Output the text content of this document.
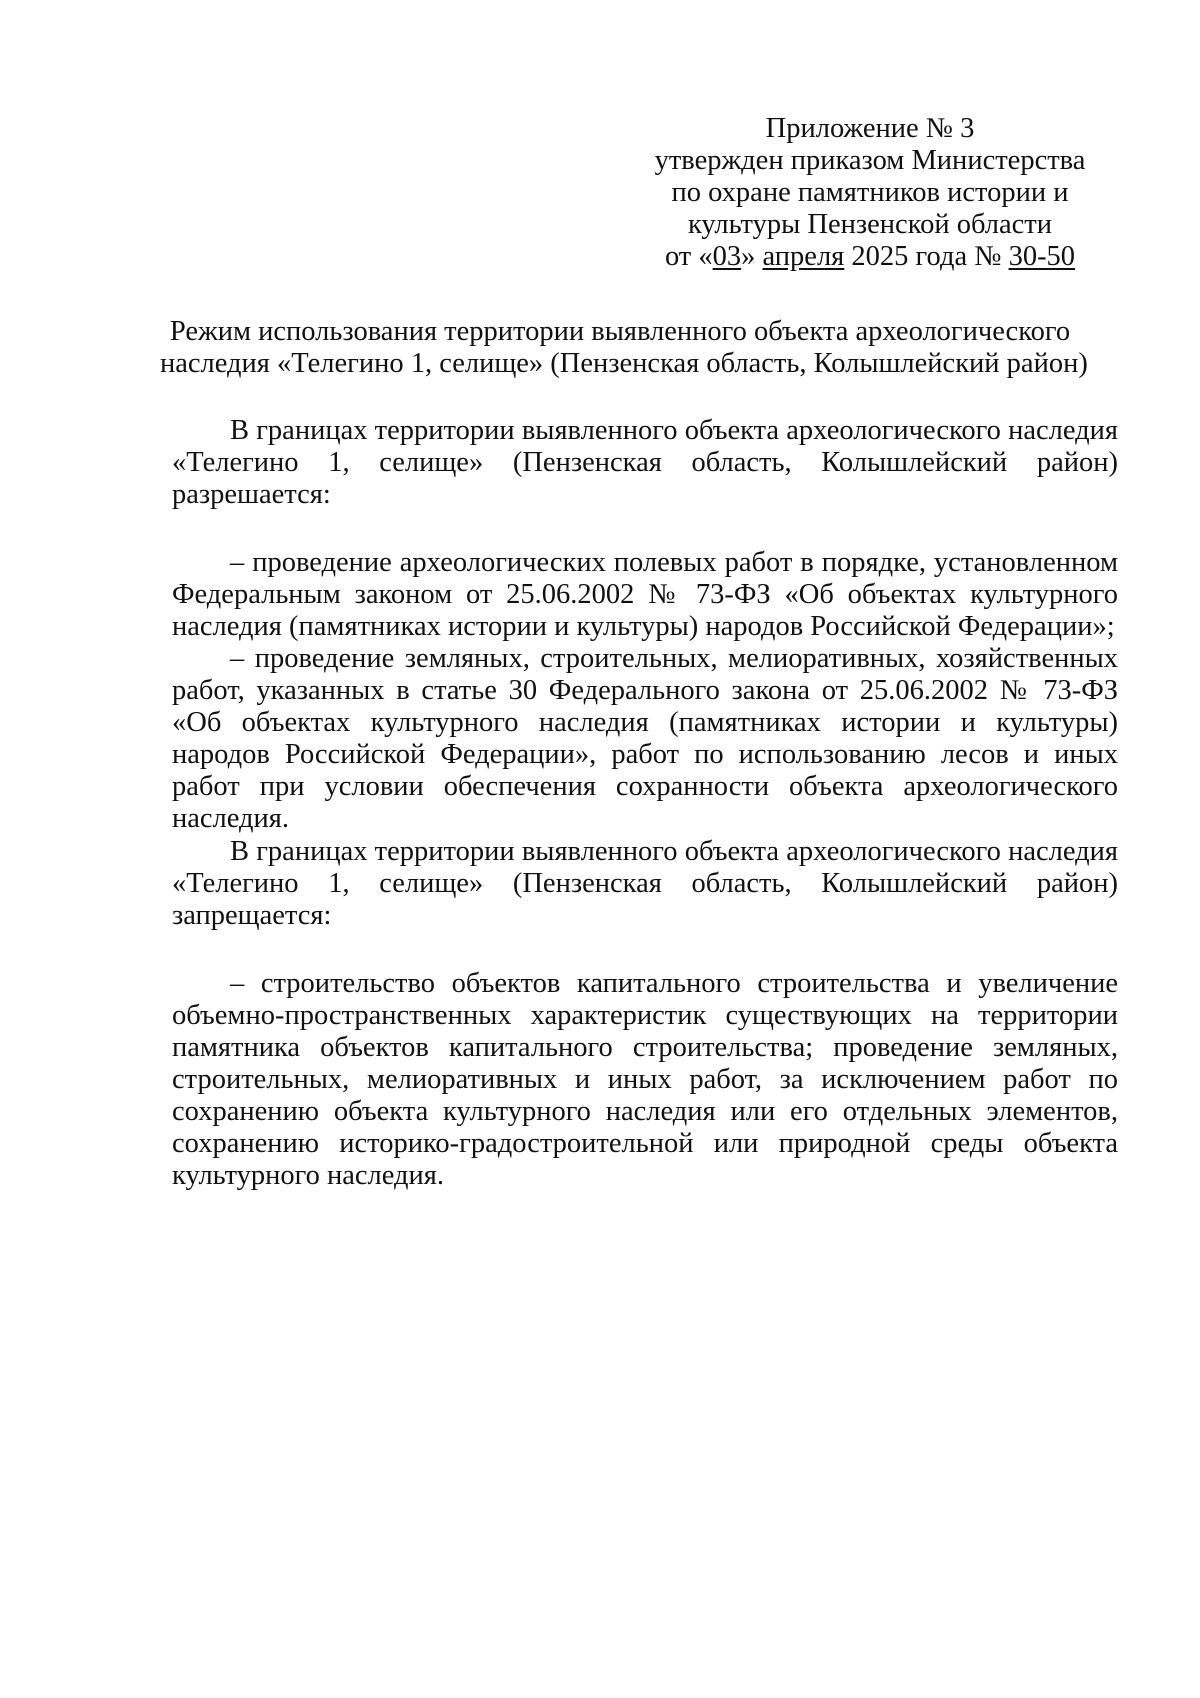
Приложение № 3
утвержден приказом Министерства
по охране памятников истории и
культуры Пензенской области
от «03» апреля 2025 года № 30-50
Режим использования территории выявленного объекта археологического
наследия «Телегино 1, селище» (Пензенская область, Колышлейский район)

В границах территории выявленного объекта археологического наследия «Телегино 1, селище» (Пензенская область, Колышлейский район) разрешается:

– проведение археологических полевых работ в порядке, установленном Федеральным законом от 25.06.2002 № 73-ФЗ «Об объектах культурного наследия (памятниках истории и культуры) народов Российской Федерации»;

– проведение земляных, строительных, мелиоративных, хозяйственных работ, указанных в статье 30 Федерального закона от 25.06.2002 № 73-ФЗ «Об объектах культурного наследия (памятниках истории и культуры) народов Российской Федерации», работ по использованию лесов и иных работ при условии обеспечения сохранности объекта археологического наследия.

В границах территории выявленного объекта археологического наследия «Телегино 1, селище» (Пензенская область, Колышлейский район) запрещается:

– строительство объектов капитального строительства и увеличение объемно-пространственных характеристик существующих на территории памятника объектов капитального строительства; проведение земляных, строительных, мелиоративных и иных работ, за исключением работ по сохранению объекта культурного наследия или его отдельных элементов, сохранению историко-градостроительной или природной среды объекта культурного наследия.
